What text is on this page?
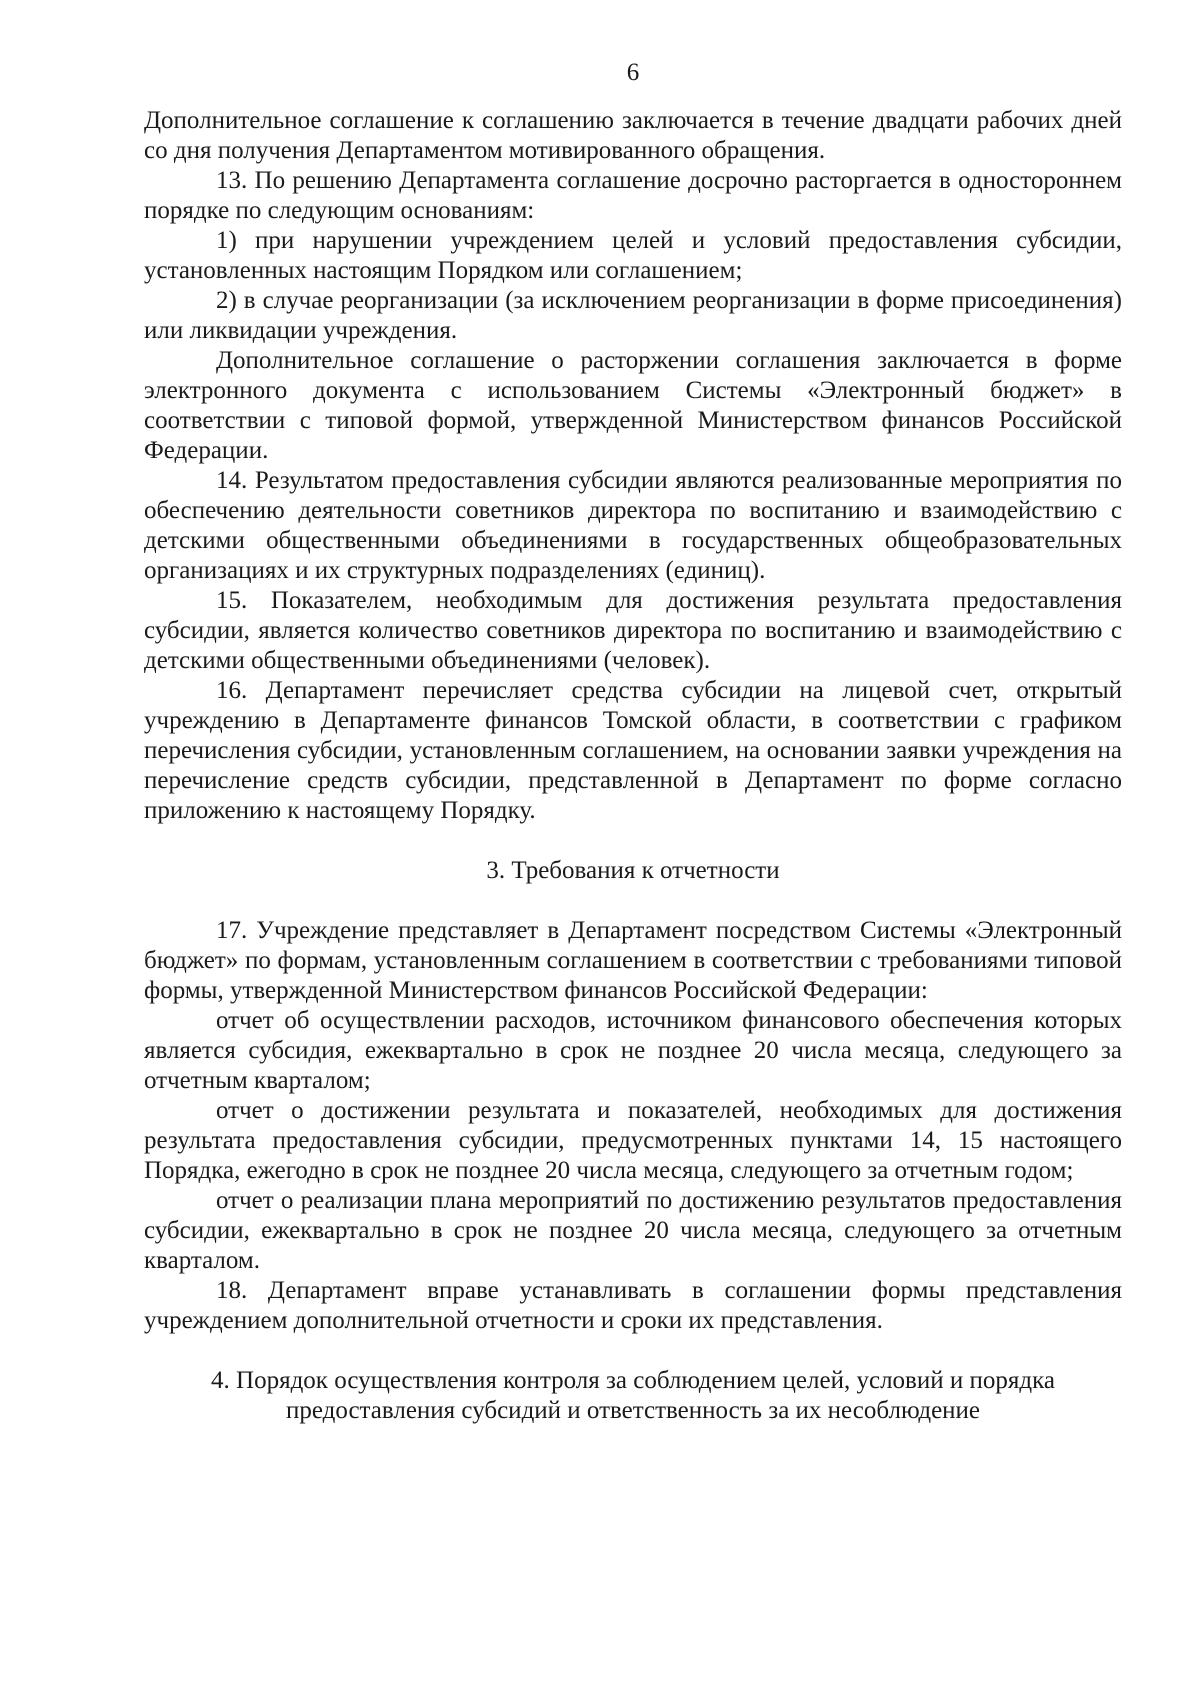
6

Дополнительное соглашение к соглашению заключается в течение двадцати рабочих дней со дня получения Департаментом мотивированного обращения.

13. По решению Департамента соглашение досрочно расторгается в одностороннем порядке по следующим основаниям:

1) при нарушении учреждением целей и условий предоставления субсидии, установленных настоящим Порядком или соглашением;

2) в случае реорганизации (за исключением реорганизации в форме присоединения) или ликвидации учреждения.

Дополнительное соглашение о расторжении соглашения заключается в форме электронного документа с использованием Системы «Электронный бюджет» в соответствии с типовой формой, утвержденной Министерством финансов Российской Федерации.

14. Результатом предоставления субсидии являются реализованные мероприятия по обеспечению деятельности советников директора по воспитанию и взаимодействию с детскими общественными объединениями в государственных общеобразовательных организациях и их структурных подразделениях (единиц).

15. Показателем, необходимым для достижения результата предоставления субсидии, является количество советников директора по воспитанию и взаимодействию с детскими общественными объединениями (человек).

16. Департамент перечисляет средства субсидии на лицевой счет, открытый учреждению в Департаменте финансов Томской области, в соответствии с графиком перечисления субсидии, установленным соглашением, на основании заявки учреждения на перечисление средств субсидии, представленной в Департамент по форме согласно приложению к настоящему Порядку.

3. Требования к отчетности

17. Учреждение представляет в Департамент посредством Системы «Электронный бюджет» по формам, установленным соглашением в соответствии с требованиями типовой формы, утвержденной Министерством финансов Российской Федерации:

отчет об осуществлении расходов, источником финансового обеспечения которых является субсидия, ежеквартально в срок не позднее 20 числа месяца, следующего за отчетным кварталом;

отчет о достижении результата и показателей, необходимых для достижения результата предоставления субсидии, предусмотренных пунктами 14, 15 настоящего Порядка, ежегодно в срок не позднее 20 числа месяца, следующего за отчетным годом;

отчет о реализации плана мероприятий по достижению результатов предоставления субсидии, ежеквартально в срок не позднее 20 числа месяца, следующего за отчетным кварталом.

18. Департамент вправе устанавливать в соглашении формы представления учреждением дополнительной отчетности и сроки их представления.

4. Порядок осуществления контроля за соблюдением целей, условий и порядка
предоставления субсидий и ответственность за их несоблюдение
